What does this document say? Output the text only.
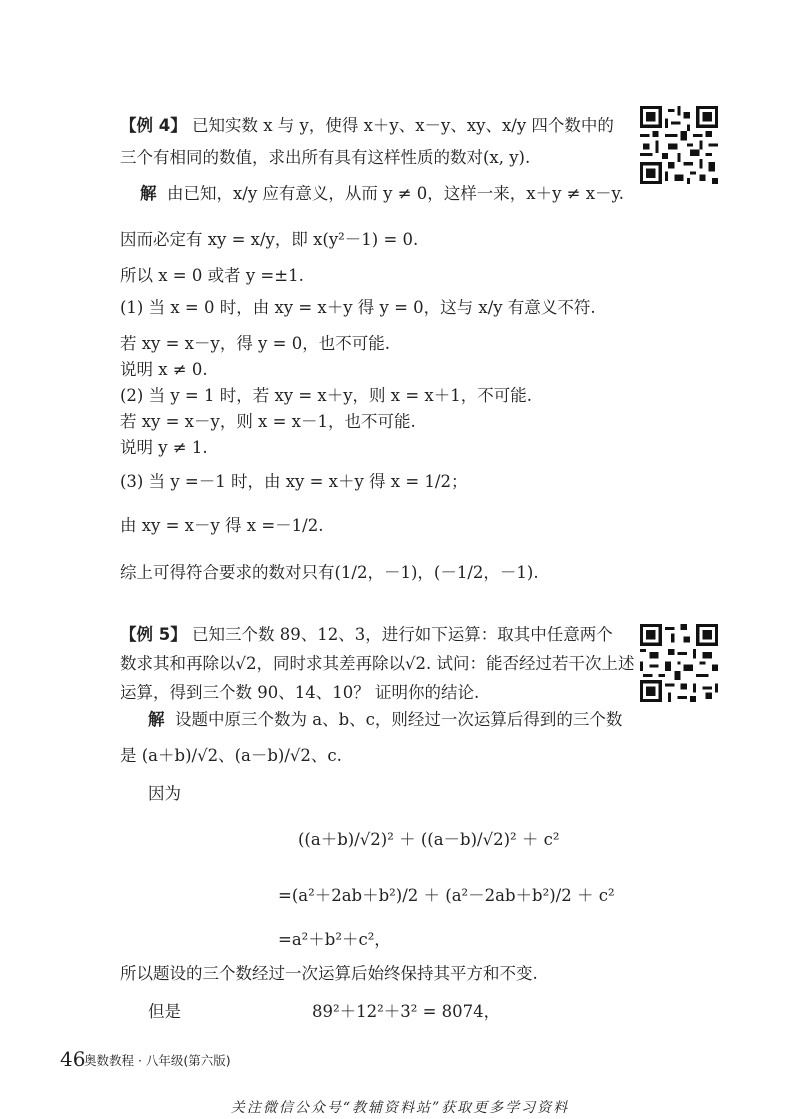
【例 4】 已知实数 x 与 y，使得 x＋y、x－y、xy、x/y 四个数中的
三个有相同的数值，求出所有具有这样性质的数对(x, y).
解 由已知，x/y 应有意义，从而 y ≠ 0，这样一来，x＋y ≠ x－y.
因而必定有 xy = x/y，即 x(y²－1) = 0.
所以 x = 0 或者 y =±1.
(1) 当 x = 0 时，由 xy = x＋y 得 y = 0，这与 x/y 有意义不符.
若 xy = x－y，得 y = 0，也不可能.
说明 x ≠ 0.
(2) 当 y = 1 时，若 xy = x＋y，则 x = x＋1，不可能.
若 xy = x－y，则 x = x－1，也不可能.
说明 y ≠ 1.
(3) 当 y =－1 时，由 xy = x＋y 得 x = 1/2；
由 xy = x－y 得 x =－1/2.
综上可得符合要求的数对只有(1/2，－1)，(－1/2，－1).
【例 5】 已知三个数 89、12、3，进行如下运算：取其中任意两个
数求其和再除以√2，同时求其差再除以√2. 试问：能否经过若干次上述
运算，得到三个数 90、14、10？ 证明你的结论.
解 设题中原三个数为 a、b、c，则经过一次运算后得到的三个数
是 (a＋b)/√2、(a－b)/√2、c.
因为
((a＋b)/√2)² ＋ ((a－b)/√2)² ＋ c²
=(a²＋2ab＋b²)/2 ＋ (a²－2ab＋b²)/2 ＋ c²
=a²＋b²＋c²，
所以题设的三个数经过一次运算后始终保持其平方和不变.
但是	89²＋12²＋3² = 8074，
46
奥数教程 · 八年级(第六版)
关注微信公众号“教辅资料站”获取更多学习资料
